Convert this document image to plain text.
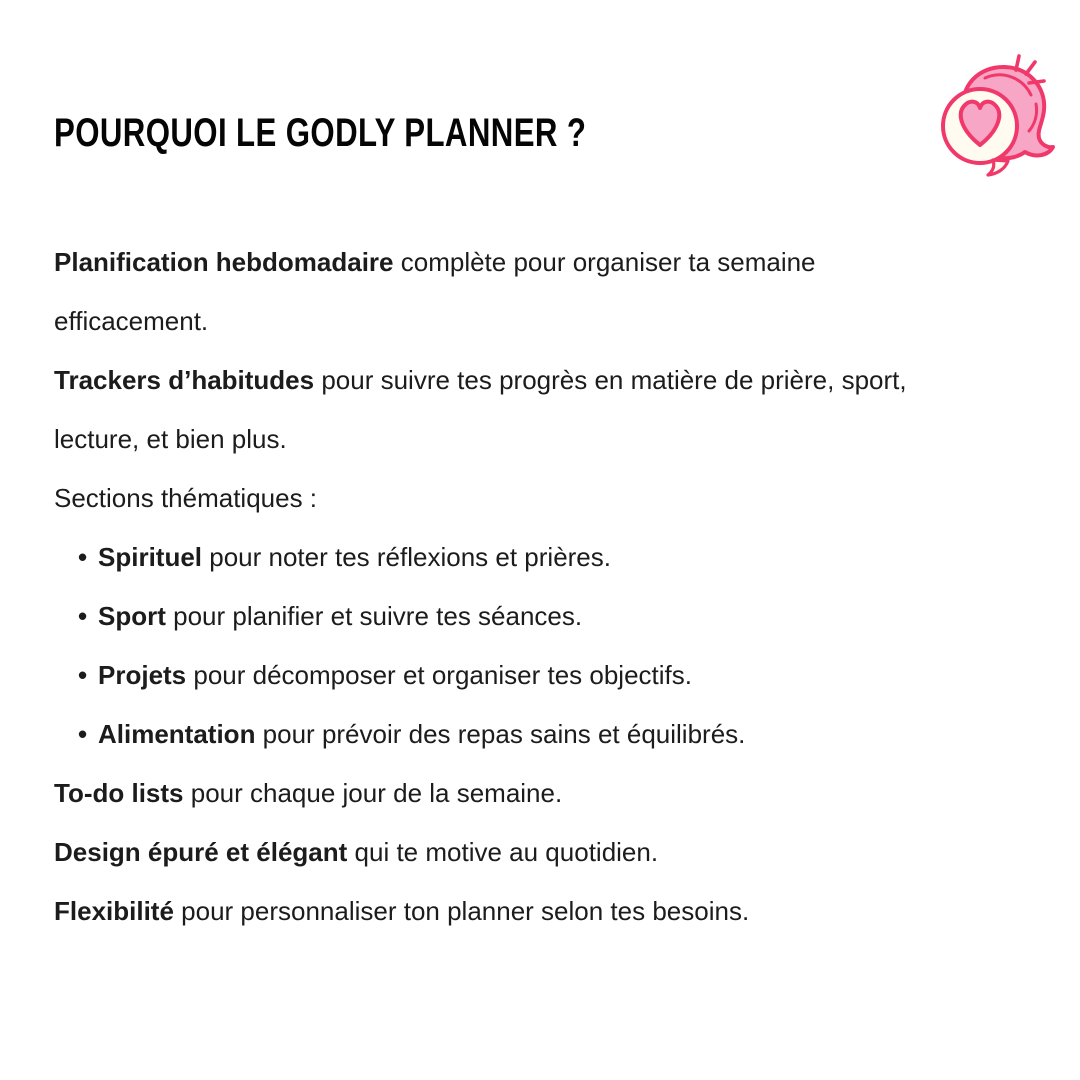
POURQUOI LE GODLY PLANNER ?
Planification hebdomadaire complète pour organiser ta semaine
efficacement.
Trackers d’habitudes pour suivre tes progrès en matière de prière, sport,
lecture, et bien plus.
Sections thématiques :
• Spirituel pour noter tes réflexions et prières.
• Sport pour planifier et suivre tes séances.
• Projets pour décomposer et organiser tes objectifs.
• Alimentation pour prévoir des repas sains et équilibrés.
To-do lists pour chaque jour de la semaine.
Design épuré et élégant qui te motive au quotidien.
Flexibilité pour personnaliser ton planner selon tes besoins.
